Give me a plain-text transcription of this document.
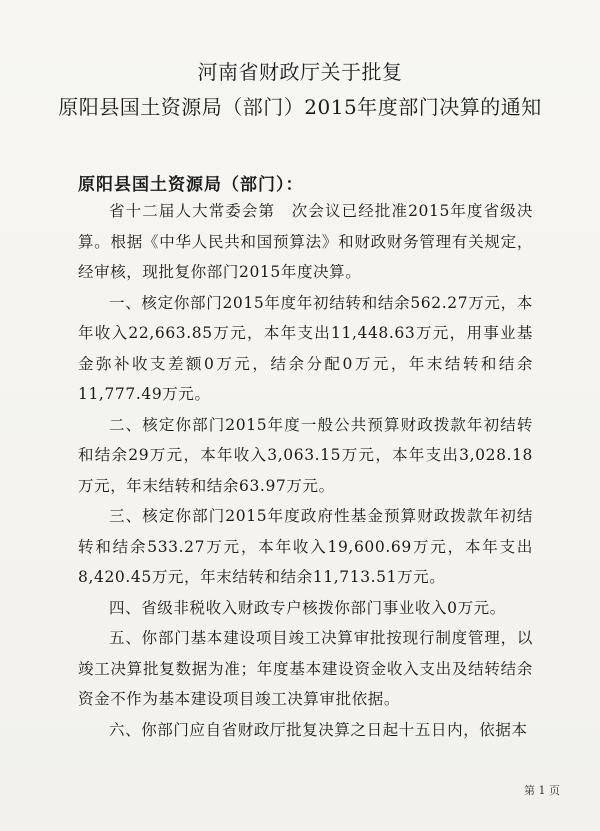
河南省财政厅关于批复
原阳县国土资源局（部门）2015年度部门决算的通知
原阳县国土资源局（部门）：

省十二届人大常委会第　次会议已经批准2015年度省级决算。根据《中华人民共和国预算法》和财政财务管理有关规定，经审核，现批复你部门2015年度决算。

一、核定你部门2015年度年初结转和结余562.27万元，本年收入22,663.85万元，本年支出11,448.63万元，用事业基金弥补收支差额0万元，结余分配0万元，年末结转和结余11,777.49万元。

二、核定你部门2015年度一般公共预算财政拨款年初结转和结余29万元，本年收入3,063.15万元，本年支出3,028.18万元，年末结转和结余63.97万元。

三、核定你部门2015年度政府性基金预算财政拨款年初结转和结余533.27万元，本年收入19,600.69万元，本年支出8,420.45万元，年末结转和结余11,713.51万元。

四、省级非税收入财政专户核拨你部门事业收入0万元。

五、你部门基本建设项目竣工决算审批按现行制度管理，以竣工决算批复数据为准；年度基本建设资金收入支出及结转结余资金不作为基本建设项目竣工决算审批依据。

六、你部门应自省财政厅批复决算之日起十五日内，依据本

第 1 页
